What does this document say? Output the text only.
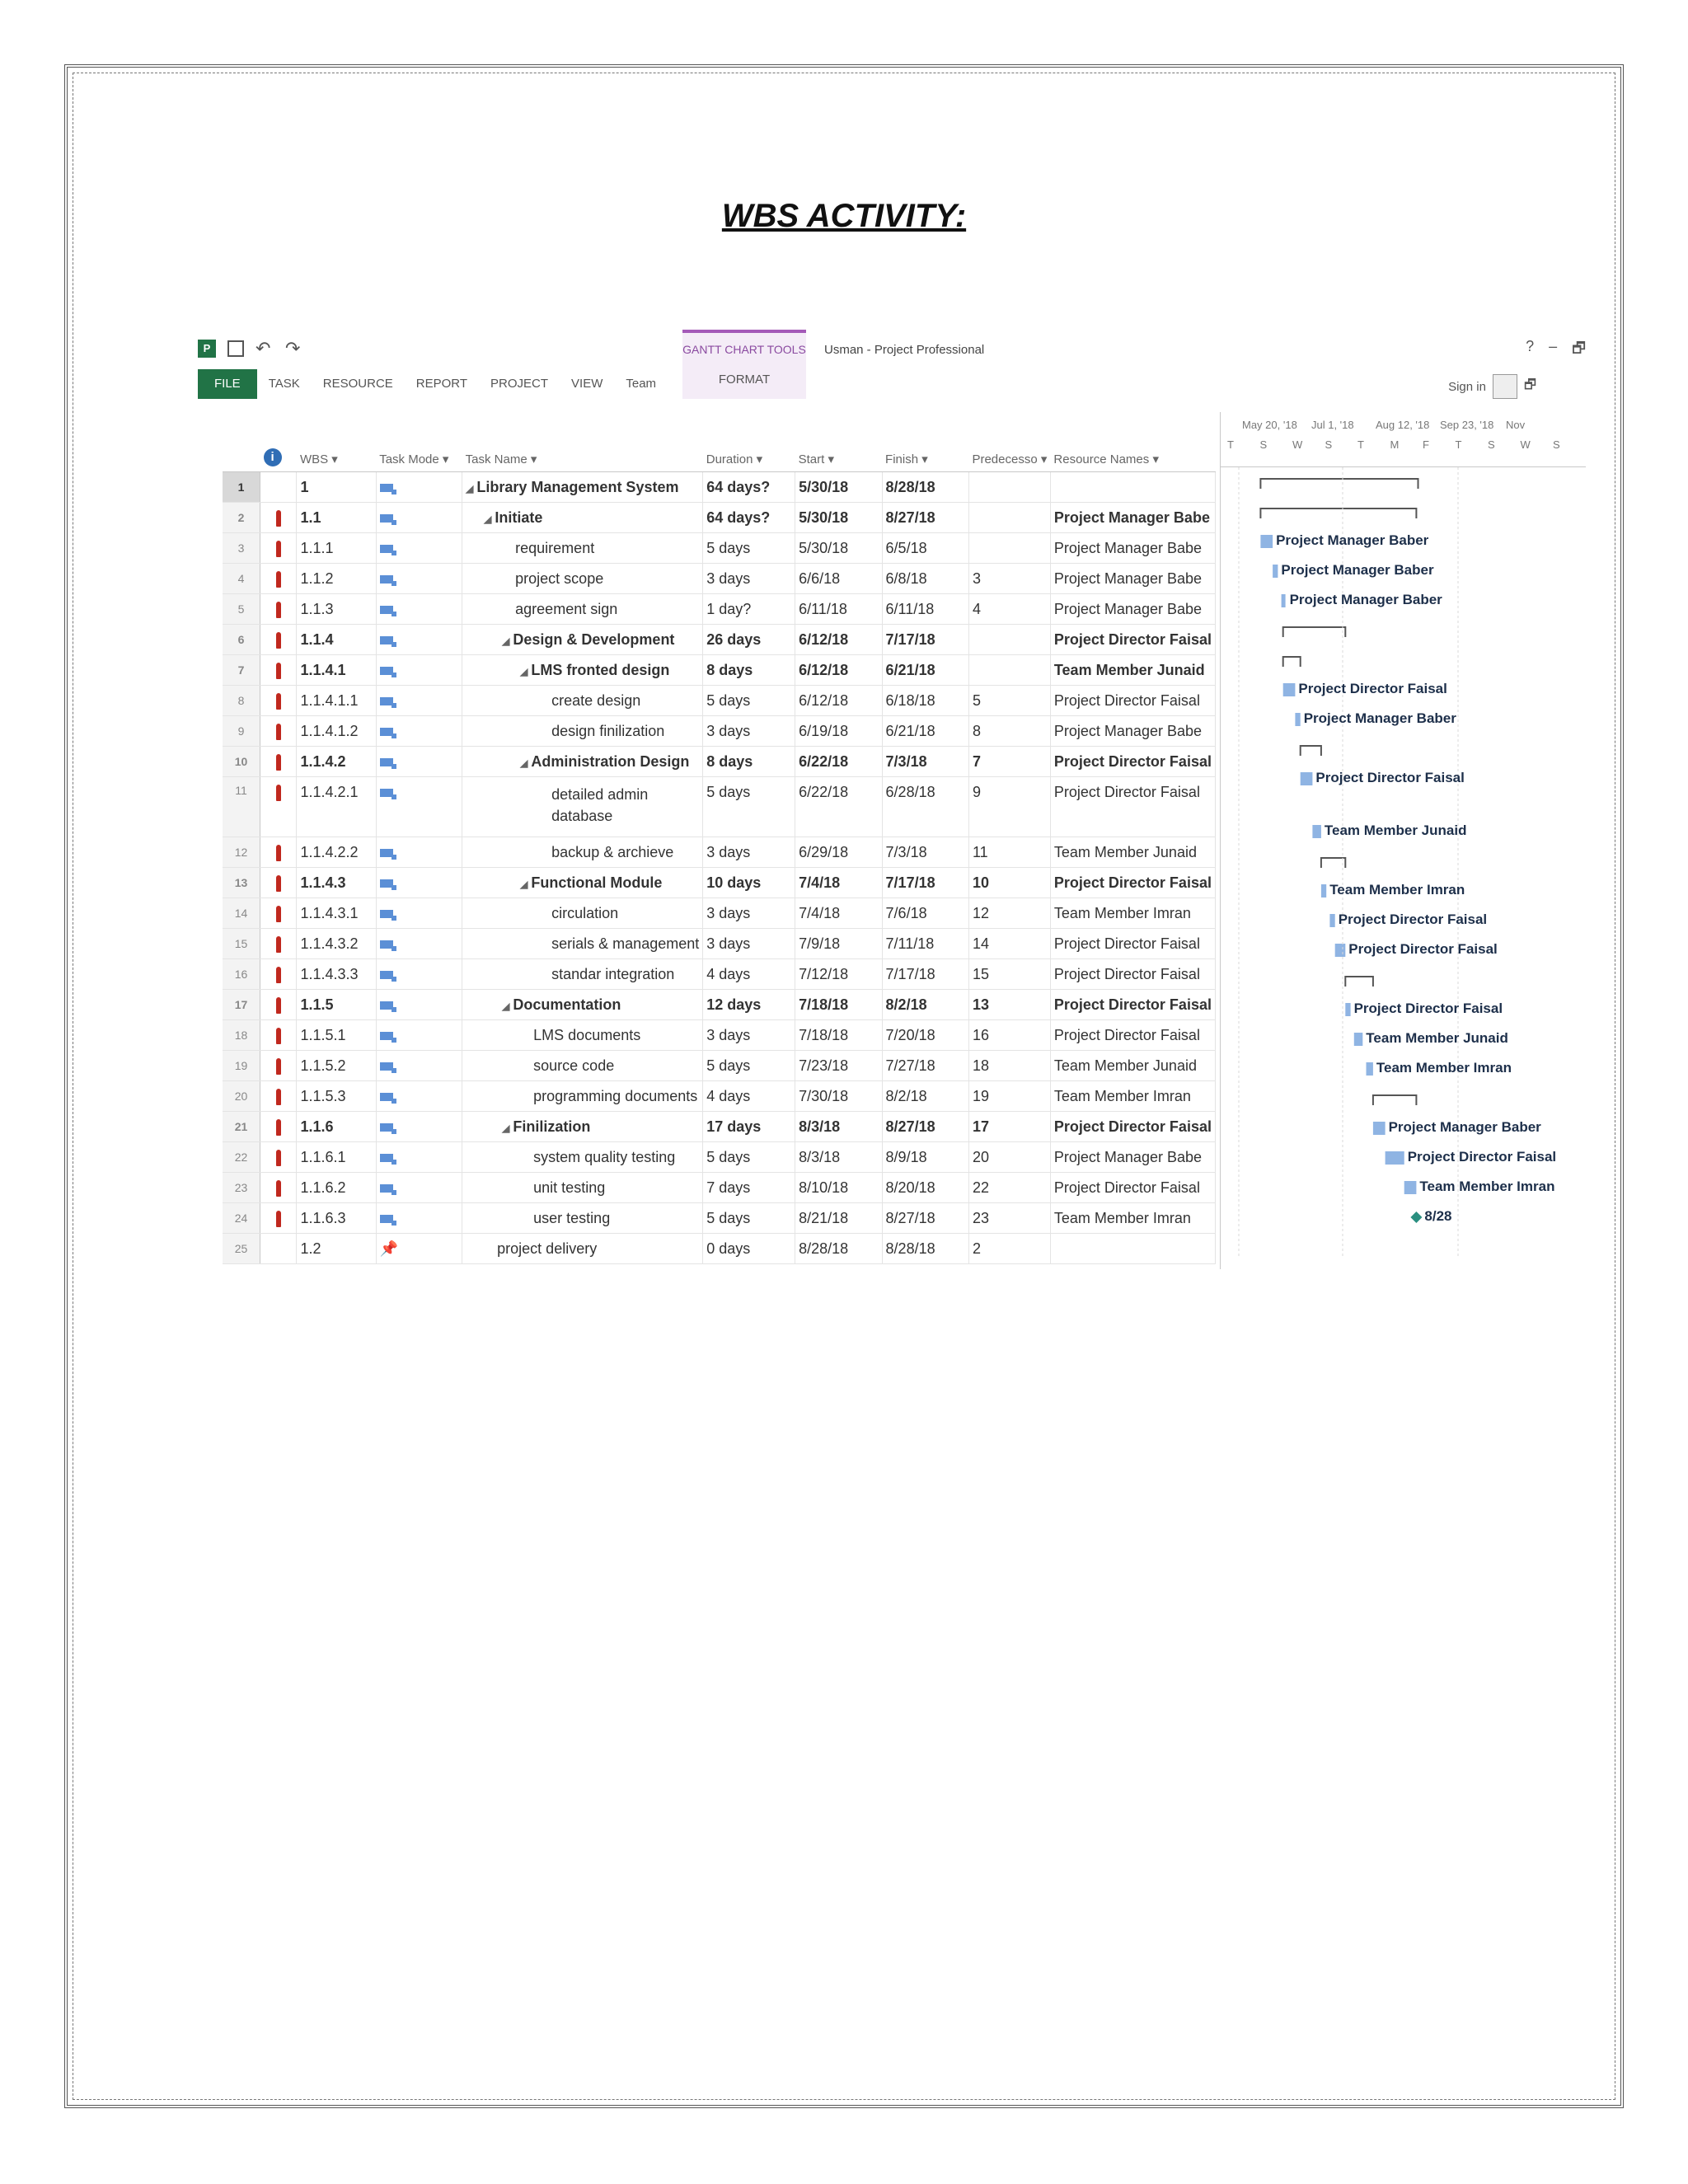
WBS ACTIVITY:
P	↶ ↷	GANTT CHART TOOLS
FORMAT
Usman - Project Professional	? – 🗗
FILE	TASK	RESOURCE	REPORT	PROJECT	VIEW	Team	Sign in	🗗
	i	WBS ▾	Task Mode ▾	Task Name ▾	Duration ▾	Start ▾	Finish ▾	Predecesso ▾	Resource Names ▾
1		1		◢ Library Management System	64 days?	5/30/18	8/28/18		
2		1.1		◢ Initiate	64 days?	5/30/18	8/27/18		Project Manager Babe
3		1.1.1		requirement	5 days	5/30/18	6/5/18		Project Manager Babe
4		1.1.2		project scope	3 days	6/6/18	6/8/18	3	Project Manager Babe
5		1.1.3		agreement sign	1 day?	6/11/18	6/11/18	4	Project Manager Babe
6		1.1.4		◢ Design & Development	26 days	6/12/18	7/17/18		Project Director Faisal
7		1.1.4.1		◢ LMS fronted design	8 days	6/12/18	6/21/18		Team Member Junaid
8		1.1.4.1.1		create design	5 days	6/12/18	6/18/18	5	Project Director Faisal
9		1.1.4.1.2		design finilization	3 days	6/19/18	6/21/18	8	Project Manager Babe
10		1.1.4.2		◢ Administration Design	8 days	6/22/18	7/3/18	7	Project Director Faisal
11		1.1.4.2.1		detailed admin database	5 days	6/22/18	6/28/18	9	Project Director Faisal
12		1.1.4.2.2		backup & archieve	3 days	6/29/18	7/3/18	11	Team Member Junaid
13		1.1.4.3		◢ Functional Module	10 days	7/4/18	7/17/18	10	Project Director Faisal
14		1.1.4.3.1		circulation	3 days	7/4/18	7/6/18	12	Team Member Imran
15		1.1.4.3.2		serials & management	3 days	7/9/18	7/11/18	14	Project Director Faisal
16		1.1.4.3.3		standar integration	4 days	7/12/18	7/17/18	15	Project Director Faisal
17		1.1.5		◢ Documentation	12 days	7/18/18	8/2/18	13	Project Director Faisal
18		1.1.5.1		LMS documents	3 days	7/18/18	7/20/18	16	Project Director Faisal
19		1.1.5.2		source code	5 days	7/23/18	7/27/18	18	Team Member Junaid
20		1.1.5.3		programming documents	4 days	7/30/18	8/2/18	19	Team Member Imran
21		1.1.6		◢ Finilization	17 days	8/3/18	8/27/18	17	Project Director Faisal
22		1.1.6.1		system quality testing	5 days	8/3/18	8/9/18	20	Project Manager Babe
23		1.1.6.2		unit testing	7 days	8/10/18	8/20/18	22	Project Director Faisal
24		1.1.6.3		user testing	5 days	8/21/18	8/27/18	23	Team Member Imran
25		1.2	📌	project delivery	0 days	8/28/18	8/28/18	2	
May 20, '18 Jul 1, '18 Aug 12, '18 Sep 23, '18 Nov
T S W S T M F T S W S
Project Manager Baber
Project Manager Baber
Project Manager Baber
Project Director Faisal
Project Manager Baber
Project Director Faisal
Team Member Junaid
Team Member Imran
Project Director Faisal
Project Director Faisal
Project Director Faisal
Team Member Junaid
Team Member Imran
Project Manager Baber
Project Director Faisal
Team Member Imran
8/28
